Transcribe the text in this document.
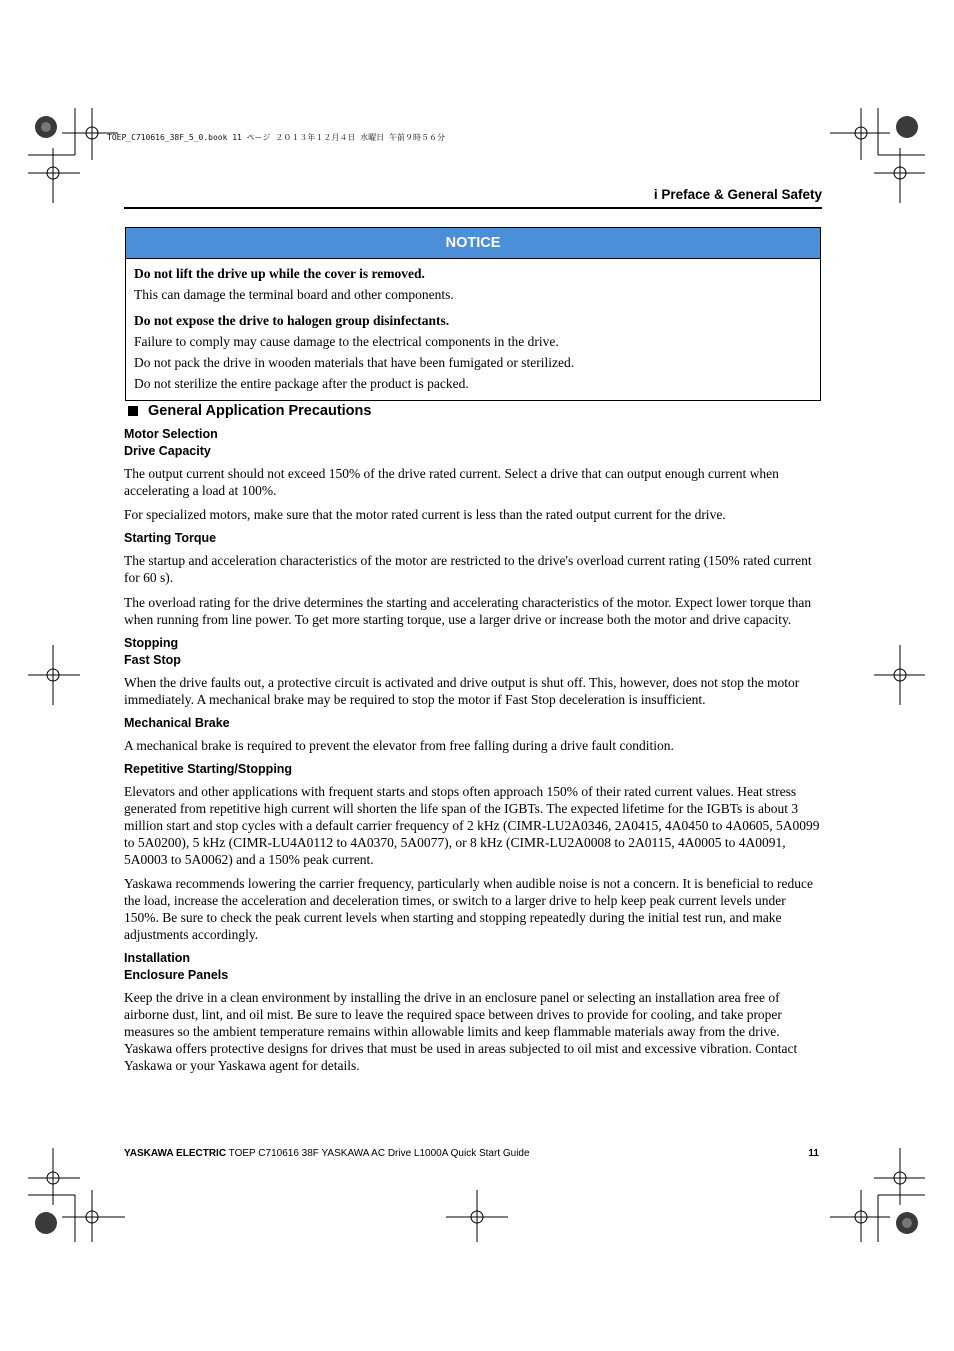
TOEP_C710616_38F_5_0.book 11 ページ ２０１３年１２月４日 水曜日 午前９時５６分
i Preface & General Safety
NOTICE

Do not lift the drive up while the cover is removed.

This can damage the terminal board and other components.

Do not expose the drive to halogen group disinfectants.

Failure to comply may cause damage to the electrical components in the drive.

Do not pack the drive in wooden materials that have been fumigated or sterilized.

Do not sterilize the entire package after the product is packed.

General Application Precautions

Motor Selection

Drive Capacity

The output current should not exceed 150% of the drive rated current. Select a drive that can output enough current when accelerating a load at 100%.

For specialized motors, make sure that the motor rated current is less than the rated output current for the drive.

Starting Torque

The startup and acceleration characteristics of the motor are restricted to the drive's overload current rating (150% rated current for 60 s).

The overload rating for the drive determines the starting and accelerating characteristics of the motor. Expect lower torque than when running from line power. To get more starting torque, use a larger drive or increase both the motor and drive capacity.

Stopping

Fast Stop

When the drive faults out, a protective circuit is activated and drive output is shut off. This, however, does not stop the motor immediately. A mechanical brake may be required to stop the motor if Fast Stop deceleration is insufficient.

Mechanical Brake

A mechanical brake is required to prevent the elevator from free falling during a drive fault condition.

Repetitive Starting/Stopping

Elevators and other applications with frequent starts and stops often approach 150% of their rated current values. Heat stress generated from repetitive high current will shorten the life span of the IGBTs. The expected lifetime for the IGBTs is about 3 million start and stop cycles with a default carrier frequency of 2 kHz (CIMR-LU2A0346, 2A0415, 4A0450 to 4A0605, 5A0099 to 5A0200), 5 kHz (CIMR-LU4A0112 to 4A0370, 5A0077), or 8 kHz (CIMR-LU2A0008 to 2A0115, 4A0005 to 4A0091, 5A0003 to 5A0062) and a 150% peak current.

Yaskawa recommends lowering the carrier frequency, particularly when audible noise is not a concern. It is beneficial to reduce the load, increase the acceleration and deceleration times, or switch to a larger drive to help keep peak current levels under 150%. Be sure to check the peak current levels when starting and stopping repeatedly during the initial test run, and make adjustments accordingly.

Installation

Enclosure Panels

Keep the drive in a clean environment by installing the drive in an enclosure panel or selecting an installation area free of airborne dust, lint, and oil mist. Be sure to leave the required space between drives to provide for cooling, and take proper measures so the ambient temperature remains within allowable limits and keep flammable materials away from the drive. Yaskawa offers protective designs for drives that must be used in areas subjected to oil mist and excessive vibration. Contact Yaskawa or your Yaskawa agent for details.

YASKAWA ELECTRIC TOEP C710616 38F YASKAWA AC Drive L1000A Quick Start Guide	11
